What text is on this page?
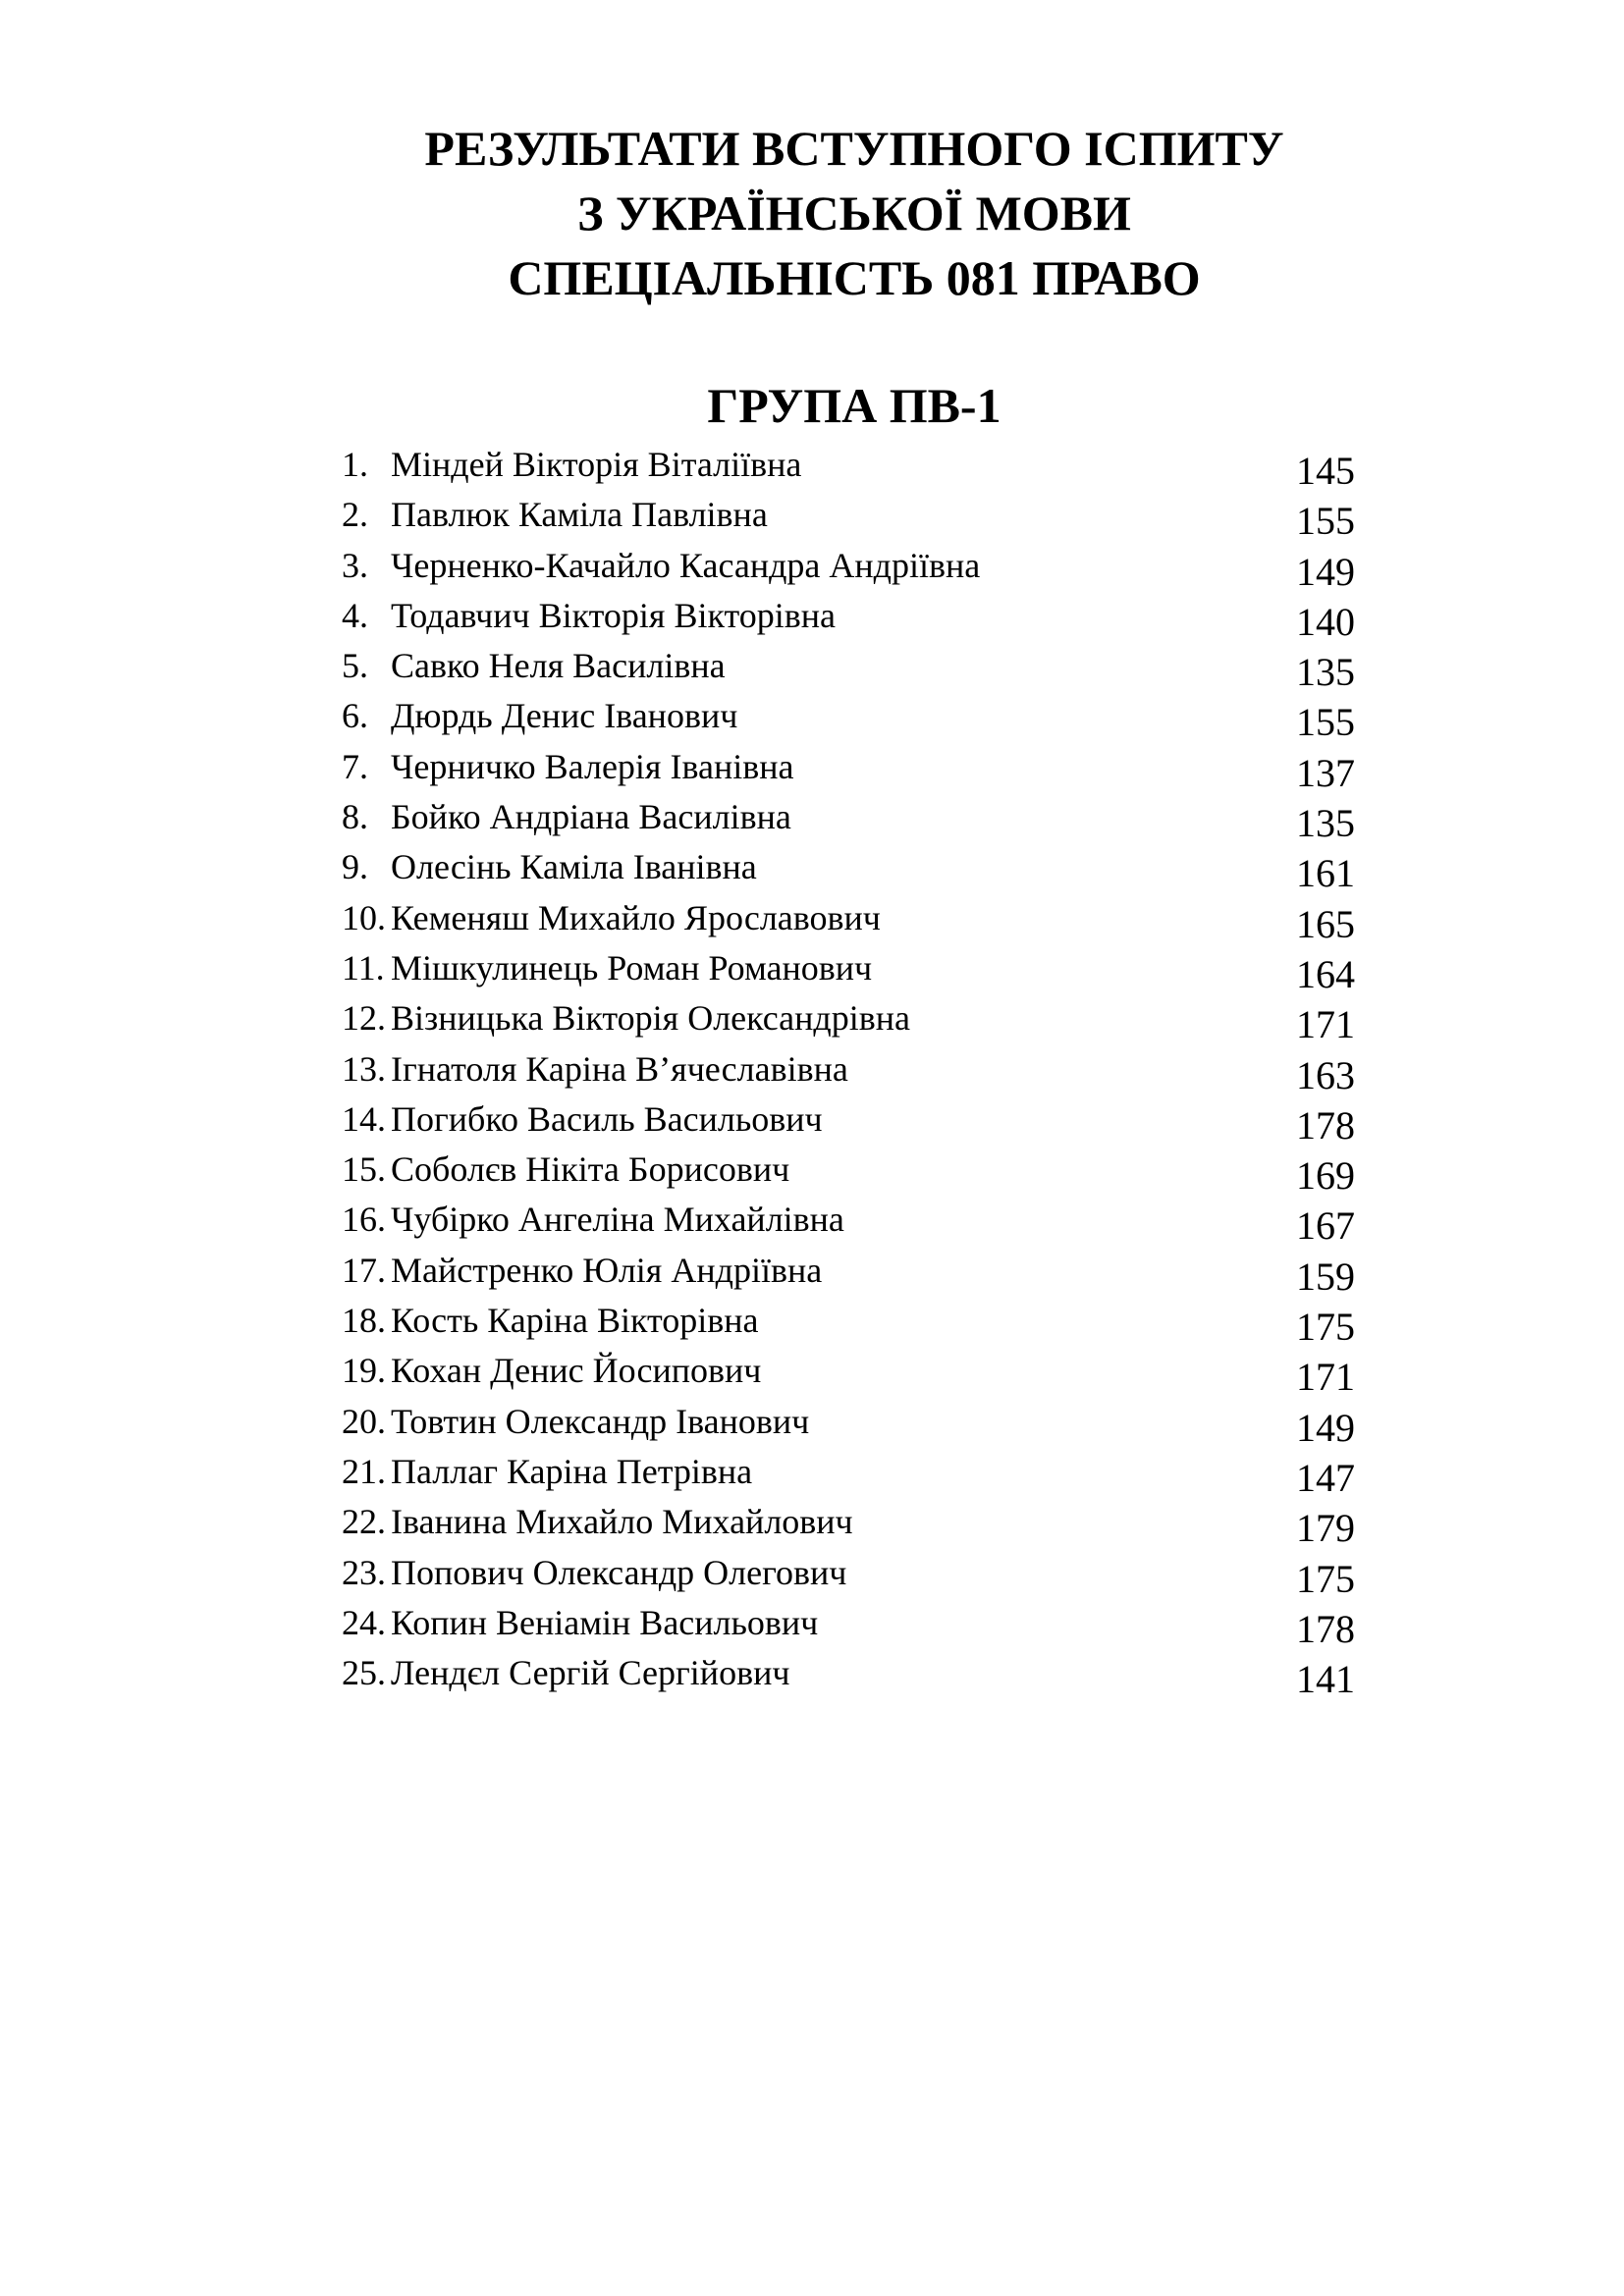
РЕЗУЛЬТАТИ ВСТУПНОГО ІСПИТУ
З УКРАЇНСЬКОЇ МОВИ
СПЕЦІАЛЬНІСТЬ 081 ПРАВО
ГРУПА ПВ-1
1. Міндей Вікторія Віталіївна	145
2. Павлюк Каміла Павлівна	155
3. Черненко-Качайло Касандра Андріївна	149
4. Тодавчич Вікторія Вікторівна	140
5. Савко Неля Василівна	135
6. Дюрдь Денис Іванович	155
7. Черничко Валерія Іванівна	137
8. Бойко Андріана Василівна	135
9. Олесінь Каміла Іванівна	161
10. Кеменяш Михайло Ярославович	165
11. Мішкулинець Роман Романович	164
12. Візницька Вікторія Олександрівна	171
13. Ігнатоля Каріна В’ячеславівна	163
14. Погибко Василь Васильович	178
15. Соболєв Нікіта Борисович	169
16. Чубірко Ангеліна Михайлівна	167
17. Майстренко Юлія Андріївна	159
18. Кость Каріна Вікторівна	175
19. Кохан Денис Йосипович	171
20. Товтин Олександр Іванович	149
21. Паллаг Каріна Петрівна	147
22. Іванина Михайло Михайлович	179
23. Попович Олександр Олегович	175
24. Копин Веніамін Васильович	178
25. Лендєл Сергій Сергійович	141
